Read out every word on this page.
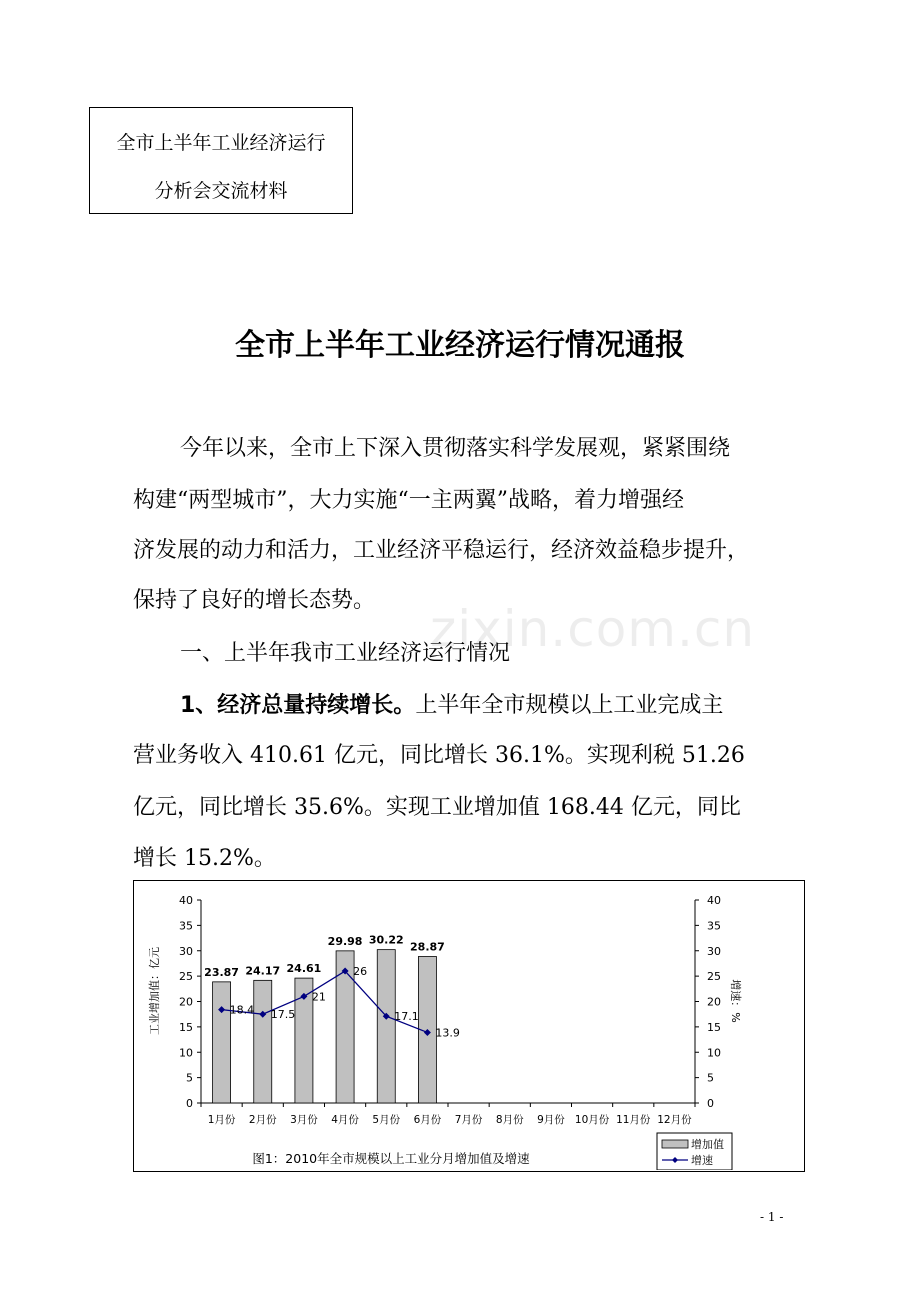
全市上半年工业经济运行
分析会交流材料
全市上半年工业经济运行情况通报
今年以来，全市上下深入贯彻落实科学发展观，紧紧围绕
构建“两型城市”，大力实施“一主两翼”战略，着力增强经
济发展的动力和活力，工业经济平稳运行，经济效益稳步提升，
保持了良好的增长态势。 zixin.com.cn
一、上半年我市工业经济运行情况
1、经济总量持续增长。上半年全市规模以上工业完成主
营业务收入 410.61 亿元，同比增长 36.1%。实现利税 51.26
亿元，同比增长 35.6%。实现工业增加值 168.44 亿元，同比
增长 15.2%。
0	0
5	5
10	10
15	15
20	20
25	25
30	30
35	35
40	40
1月份 2月份 3月份 4月份 5月份 6月份 7月份 8月份 9月份 10月份 11月份 12月份
23.87 24.17 24.61
29.98 30.22
28.87
18.4 17.5
21
26
17.1
13.9
工业增加值：亿元	增速：%
图1：2010年全市规模以上工业分月增加值及增速
增加值
增速
- 1 -
